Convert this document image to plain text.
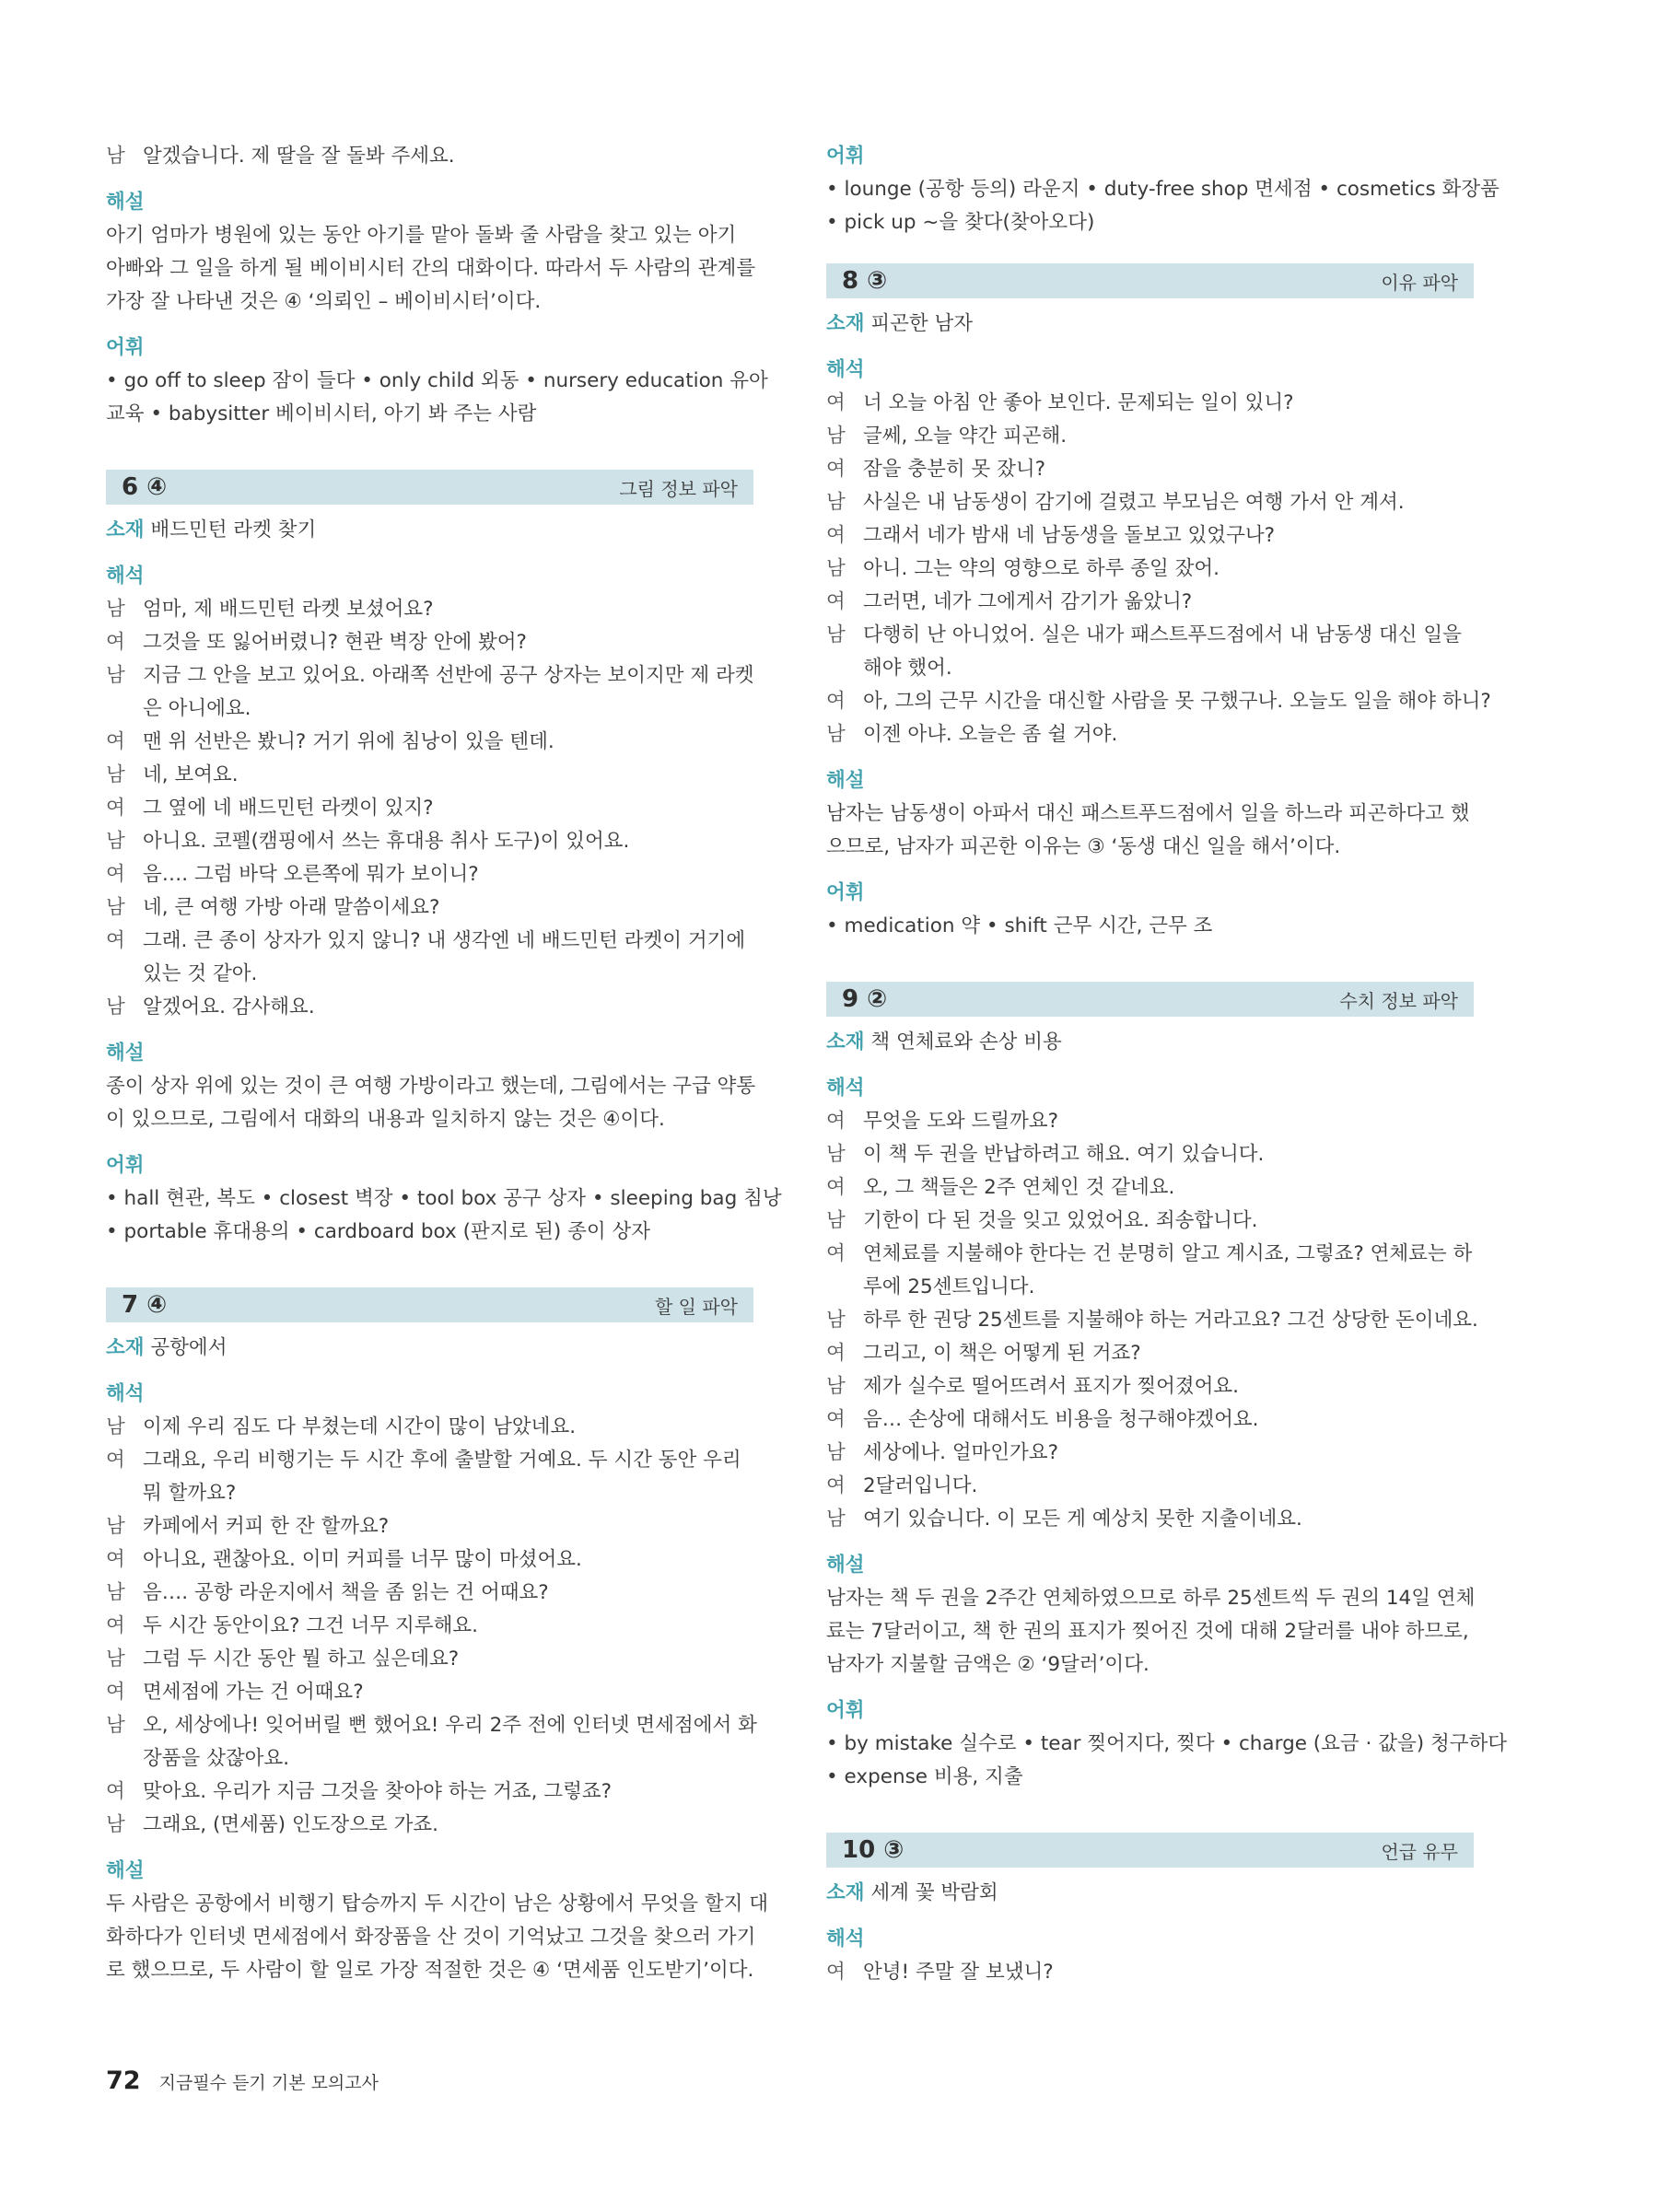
남 알겠습니다. 제 딸을 잘 돌봐 주세요.
해설
아기 엄마가 병원에 있는 동안 아기를 맡아 돌봐 줄 사람을 찾고 있는 아기
아빠와 그 일을 하게 될 베이비시터 간의 대화이다. 따라서 두 사람의 관계를
가장 잘 나타낸 것은 ④ ‘의뢰인 – 베이비시터’이다.
어휘
• go off to sleep 잠이 들다 • only child 외동 • nursery education 유아
교육 • babysitter 베이비시터, 아기 봐 주는 사람
6 ④	그림 정보 파악
소재 배드민턴 라켓 찾기
해석
남 엄마, 제 배드민턴 라켓 보셨어요?
여 그것을 또 잃어버렸니? 현관 벽장 안에 봤어?
남 지금 그 안을 보고 있어요. 아래쪽 선반에 공구 상자는 보이지만 제 라켓
은 아니에요.
여 맨 위 선반은 봤니? 거기 위에 침낭이 있을 텐데.
남 네, 보여요.
여 그 옆에 네 배드민턴 라켓이 있지?
남 아니요. 코펠(캠핑에서 쓰는 휴대용 취사 도구)이 있어요.
여 음…. 그럼 바닥 오른쪽에 뭐가 보이니?
남 네, 큰 여행 가방 아래 말씀이세요?
여 그래. 큰 종이 상자가 있지 않니? 내 생각엔 네 배드민턴 라켓이 거기에
있는 것 같아.
남 알겠어요. 감사해요.
해설
종이 상자 위에 있는 것이 큰 여행 가방이라고 했는데, 그림에서는 구급 약통
이 있으므로, 그림에서 대화의 내용과 일치하지 않는 것은 ④이다.
어휘
• hall 현관, 복도 • closest 벽장 • tool box 공구 상자 • sleeping bag 침낭
• portable 휴대용의 • cardboard box (판지로 된) 종이 상자
7 ④	할 일 파악
소재 공항에서
해석
남 이제 우리 짐도 다 부쳤는데 시간이 많이 남았네요.
여 그래요, 우리 비행기는 두 시간 후에 출발할 거예요. 두 시간 동안 우리
뭐 할까요?
남 카페에서 커피 한 잔 할까요?
여 아니요, 괜찮아요. 이미 커피를 너무 많이 마셨어요.
남 음…. 공항 라운지에서 책을 좀 읽는 건 어때요?
여 두 시간 동안이요? 그건 너무 지루해요.
남 그럼 두 시간 동안 뭘 하고 싶은데요?
여 면세점에 가는 건 어때요?
남 오, 세상에나! 잊어버릴 뻔 했어요! 우리 2주 전에 인터넷 면세점에서 화
장품을 샀잖아요.
여 맞아요. 우리가 지금 그것을 찾아야 하는 거죠, 그렇죠?
남 그래요, (면세품) 인도장으로 가죠.
해설
두 사람은 공항에서 비행기 탑승까지 두 시간이 남은 상황에서 무엇을 할지 대
화하다가 인터넷 면세점에서 화장품을 산 것이 기억났고 그것을 찾으러 가기
로 했으므로, 두 사람이 할 일로 가장 적절한 것은 ④ ‘면세품 인도받기’이다.
어휘
• lounge (공항 등의) 라운지 • duty-free shop 면세점 • cosmetics 화장품
• pick up ~을 찾다(찾아오다)
8 ③	이유 파악
소재 피곤한 남자
해석
여 너 오늘 아침 안 좋아 보인다. 문제되는 일이 있니?
남 글쎄, 오늘 약간 피곤해.
여 잠을 충분히 못 잤니?
남 사실은 내 남동생이 감기에 걸렸고 부모님은 여행 가서 안 계셔.
여 그래서 네가 밤새 네 남동생을 돌보고 있었구나?
남 아니. 그는 약의 영향으로 하루 종일 잤어.
여 그러면, 네가 그에게서 감기가 옮았니?
남 다행히 난 아니었어. 실은 내가 패스트푸드점에서 내 남동생 대신 일을
해야 했어.
여 아, 그의 근무 시간을 대신할 사람을 못 구했구나. 오늘도 일을 해야 하니?
남 이젠 아냐. 오늘은 좀 쉴 거야.
해설
남자는 남동생이 아파서 대신 패스트푸드점에서 일을 하느라 피곤하다고 했
으므로, 남자가 피곤한 이유는 ③ ‘동생 대신 일을 해서’이다.
어휘
• medication 약 • shift 근무 시간, 근무 조
9 ②	수치 정보 파악
소재 책 연체료와 손상 비용
해석
여 무엇을 도와 드릴까요?
남 이 책 두 권을 반납하려고 해요. 여기 있습니다.
여 오, 그 책들은 2주 연체인 것 같네요.
남 기한이 다 된 것을 잊고 있었어요. 죄송합니다.
여 연체료를 지불해야 한다는 건 분명히 알고 계시죠, 그렇죠? 연체료는 하
루에 25센트입니다.
남 하루 한 권당 25센트를 지불해야 하는 거라고요? 그건 상당한 돈이네요.
여 그리고, 이 책은 어떻게 된 거죠?
남 제가 실수로 떨어뜨려서 표지가 찢어졌어요.
여 음… 손상에 대해서도 비용을 청구해야겠어요.
남 세상에나. 얼마인가요?
여 2달러입니다.
남 여기 있습니다. 이 모든 게 예상치 못한 지출이네요.
해설
남자는 책 두 권을 2주간 연체하였으므로 하루 25센트씩 두 권의 14일 연체
료는 7달러이고, 책 한 권의 표지가 찢어진 것에 대해 2달러를 내야 하므로,
남자가 지불할 금액은 ② ‘9달러’이다.
어휘
• by mistake 실수로 • tear 찢어지다, 찢다 • charge (요금 · 값을) 청구하다
• expense 비용, 지출
10 ③	언급 유무
소재 세계 꽃 박람회
해석
여 안녕! 주말 잘 보냈니?
72 지금필수 듣기 기본 모의고사
